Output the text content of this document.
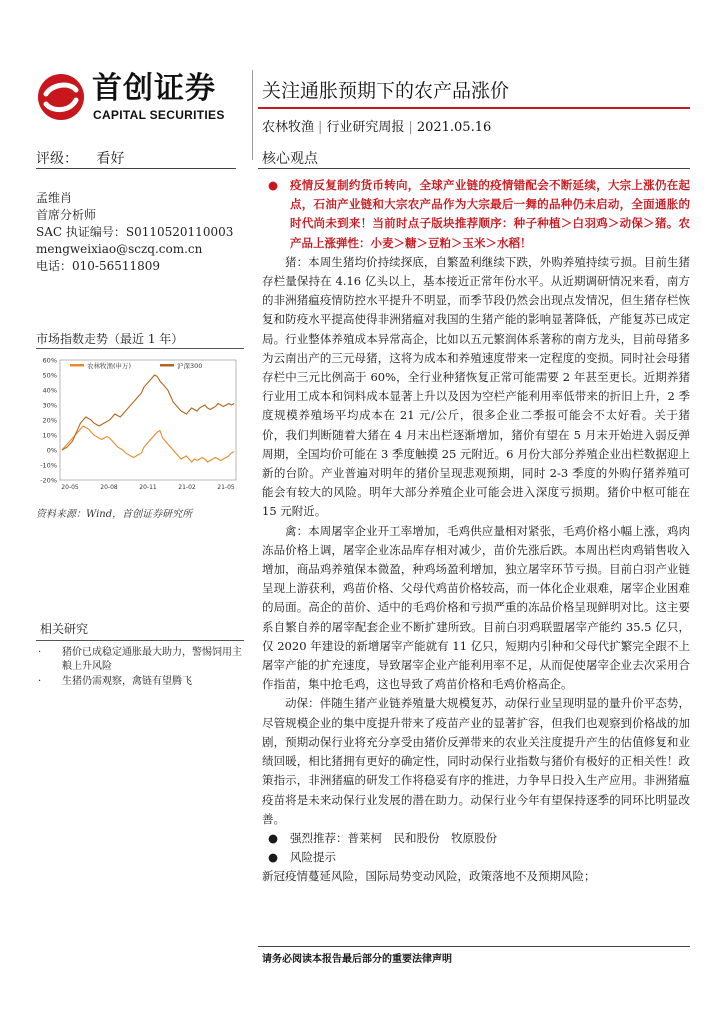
首创证券
CAPITAL SECURITIES
关注通胀预期下的农产品涨价
农林牧渔 | 行业研究周报 | 2021.05.16
评级： 看好	核心观点
孟维肖
首席分析师
SAC 执证编号：S0110520110003
mengweixiao@sczq.com.cn
电话：010-56511809
市场指数走势（最近 1 年）
60%
50%
40%
30%
20%
10%
0%
-10%
-20%
20-05	20-08	20-11	21-02	21-05
农林牧渔(申万)	沪深300
资料来源：Wind，首创证券研究所
相关研究
· 猪价已成稳定通胀最大助力，警惕饲用主粮上升风险
· 生猪仍需观察，禽链有望腾飞
● 疫情反复制约货币转向，全球产业链的疫情错配会不断延续，大宗上涨仍在起点，石油产业链和大宗农产品作为大宗最后一舞的品种仍未启动，全面通胀的时代尚未到来！当前时点子版块推荐顺序：种子种植＞白羽鸡＞动保＞猪。农产品上涨弹性：小麦＞糖＞豆粕＞玉米＞水稻！
猪：本周生猪均价持续探底，自繁盈利继续下跌，外购养殖持续亏损。目前生猪存栏量保持在 4.16 亿头以上，基本接近正常年份水平。从近期调研情况来看，南方的非洲猪瘟疫情防控水平提升不明显，而季节段仍然会出现点发情况，但生猪存栏恢复和防疫水平提高使得非洲猪瘟对我国的生猪产能的影响显著降低，产能复苏已成定局。行业整体养殖成本异常高企，比如以五元繁润体系著称的南方龙头，目前母猪多为云南出产的三元母猪，这将为成本和养殖速度带来一定程度的变损。同时社会母猪存栏中三元比例高于 60%，全行业种猪恢复正常可能需要 2 年甚至更长。近期养猪行业用工成本和饲料成本显著上升以及因为空栏产能利用率低带来的折旧上升，2 季度规模养殖场平均成本在 21 元/公斤，很多企业二季报可能会不太好看。关于猪价，我们判断随着大猪在 4 月末出栏逐渐增加，猪价有望在 5 月末开始进入弱反弹周期，全国均价可能在 3 季度触摸 25 元附近。6 月份大部分养殖企业出栏数据迎上新的台阶。产业普遍对明年的猪价呈现悲观预期，同时 2-3 季度的外购仔猪养殖可能会有较大的风险。明年大部分养殖企业可能会进入深度亏损期。猪价中枢可能在 15 元附近。
禽：本周屠宰企业开工率增加，毛鸡供应量相对紧张，毛鸡价格小幅上涨，鸡肉冻品价格上调，屠宰企业冻品库存相对减少，苗价先涨后跌。本周出栏肉鸡销售收入增加，商品鸡养殖保本微盈，种鸡场盈利增加，独立屠宰环节亏损。目前白羽产业链呈现上游获利，鸡苗价格、父母代鸡苗价格较高，而一体化企业艰难，屠宰企业困难的局面。高企的苗价、适中的毛鸡价格和亏损严重的冻品价格呈现鲜明对比。这主要系自繁自养的屠宰配套企业不断扩建所致。目前白羽鸡联盟屠宰产能约 35.5 亿只，仅 2020 年建设的新增屠宰产能就有 11 亿只，短期内引种和父母代扩繁完全跟不上屠宰产能的扩充速度，导致屠宰企业产能利用率不足，从而促使屠宰企业去次采用合作指苗，集中抢毛鸡，这也导致了鸡苗价格和毛鸡价格高企。
动保：伴随生猪产业链养殖量大规模复苏，动保行业呈现明显的量升价平态势，尽管规模企业的集中度提升带来了疫苗产业的显著扩容，但我们也观察到价格战的加剧，预期动保行业将充分享受由猪价反弹带来的农业关注度提升产生的估值修复和业绩回暖，相比猪拥有更好的确定性，同时动保行业指数与猪价有极好的正相关性！政策指示，非洲猪瘟的研发工作将稳妥有序的推进，力争早日投入生产应用。非洲猪瘟疫苗将是未来动保行业发展的潜在助力。动保行业今年有望保持逐季的同环比明显改善。
● 强烈推荐：普莱柯　民和股份　牧原股份
● 风险提示
新冠疫情蔓延风险，国际局势变动风险，政策落地不及预期风险；
请务必阅读本报告最后部分的重要法律声明
